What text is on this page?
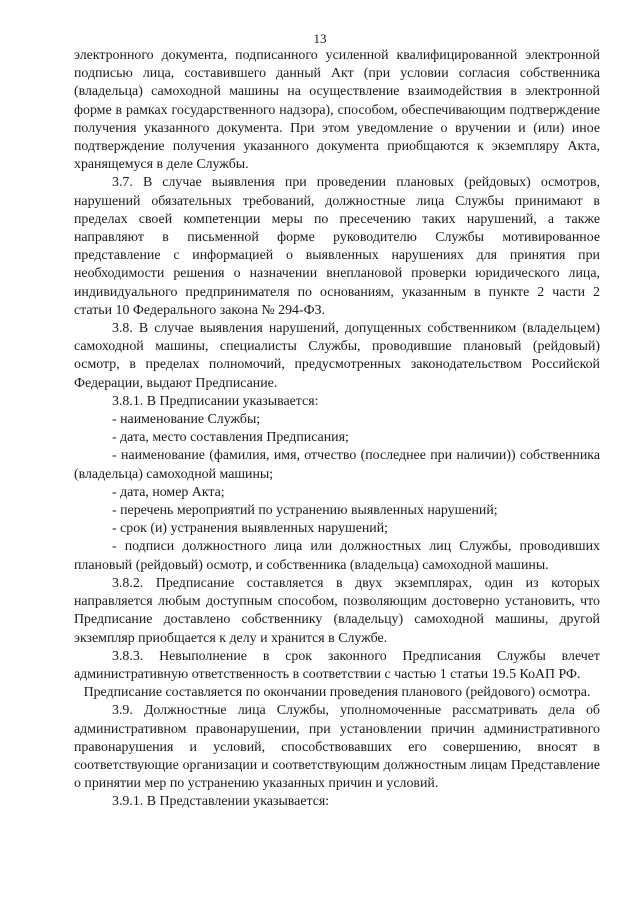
13

электронного документа, подписанного усиленной квалифицированной электронной подписью лица, составившего данный Акт (при условии согласия собственника (владельца) самоходной машины на осуществление взаимодействия в электронной форме в рамках государственного надзора), способом, обеспечивающим подтверждение получения указанного документа. При этом уведомление о вручении и (или) иное подтверждение получения указанного документа приобщаются к экземпляру Акта, хранящемуся в деле Службы.

3.7. В случае выявления при проведении плановых (рейдовых) осмотров, нарушений обязательных требований, должностные лица Службы принимают в пределах своей компетенции меры по пресечению таких нарушений, а также направляют в письменной форме руководителю Службы мотивированное представление с информацией о выявленных нарушениях для принятия при необходимости решения о назначении внеплановой проверки юридического лица, индивидуального предпринимателя по основаниям, указанным в пункте 2 части 2 статьи 10 Федерального закона № 294-ФЗ.

3.8. В случае выявления нарушений, допущенных собственником (владельцем) самоходной машины, специалисты Службы, проводившие плановый (рейдовый) осмотр, в пределах полномочий, предусмотренных законодательством Российской Федерации, выдают Предписание.

3.8.1. В Предписании указывается:

- наименование Службы;

- дата, место составления Предписания;

- наименование (фамилия, имя, отчество (последнее при наличии)) собственника (владельца) самоходной машины;

- дата, номер Акта;

- перечень мероприятий по устранению выявленных нарушений;

- срок (и) устранения выявленных нарушений;

- подписи должностного лица или должностных лиц Службы, проводивших плановый (рейдовый) осмотр, и собственника (владельца) самоходной машины.

3.8.2. Предписание составляется в двух экземплярах, один из которых направляется любым доступным способом, позволяющим достоверно установить, что Предписание доставлено собственнику (владельцу) самоходной машины, другой экземпляр приобщается к делу и хранится в Службе.

3.8.3. Невыполнение в срок законного Предписания Службы влечет административную ответственность в соответствии с частью 1 статьи 19.5 КоАП РФ.

Предписание составляется по окончании проведения планового (рейдового) осмотра.

3.9. Должностные лица Службы, уполномоченные рассматривать дела об административном правонарушении, при установлении причин административного правонарушения и условий, способствовавших его совершению, вносят в соответствующие организации и соответствующим должностным лицам Представление о принятии мер по устранению указанных причин и условий.

3.9.1. В Представлении указывается:
